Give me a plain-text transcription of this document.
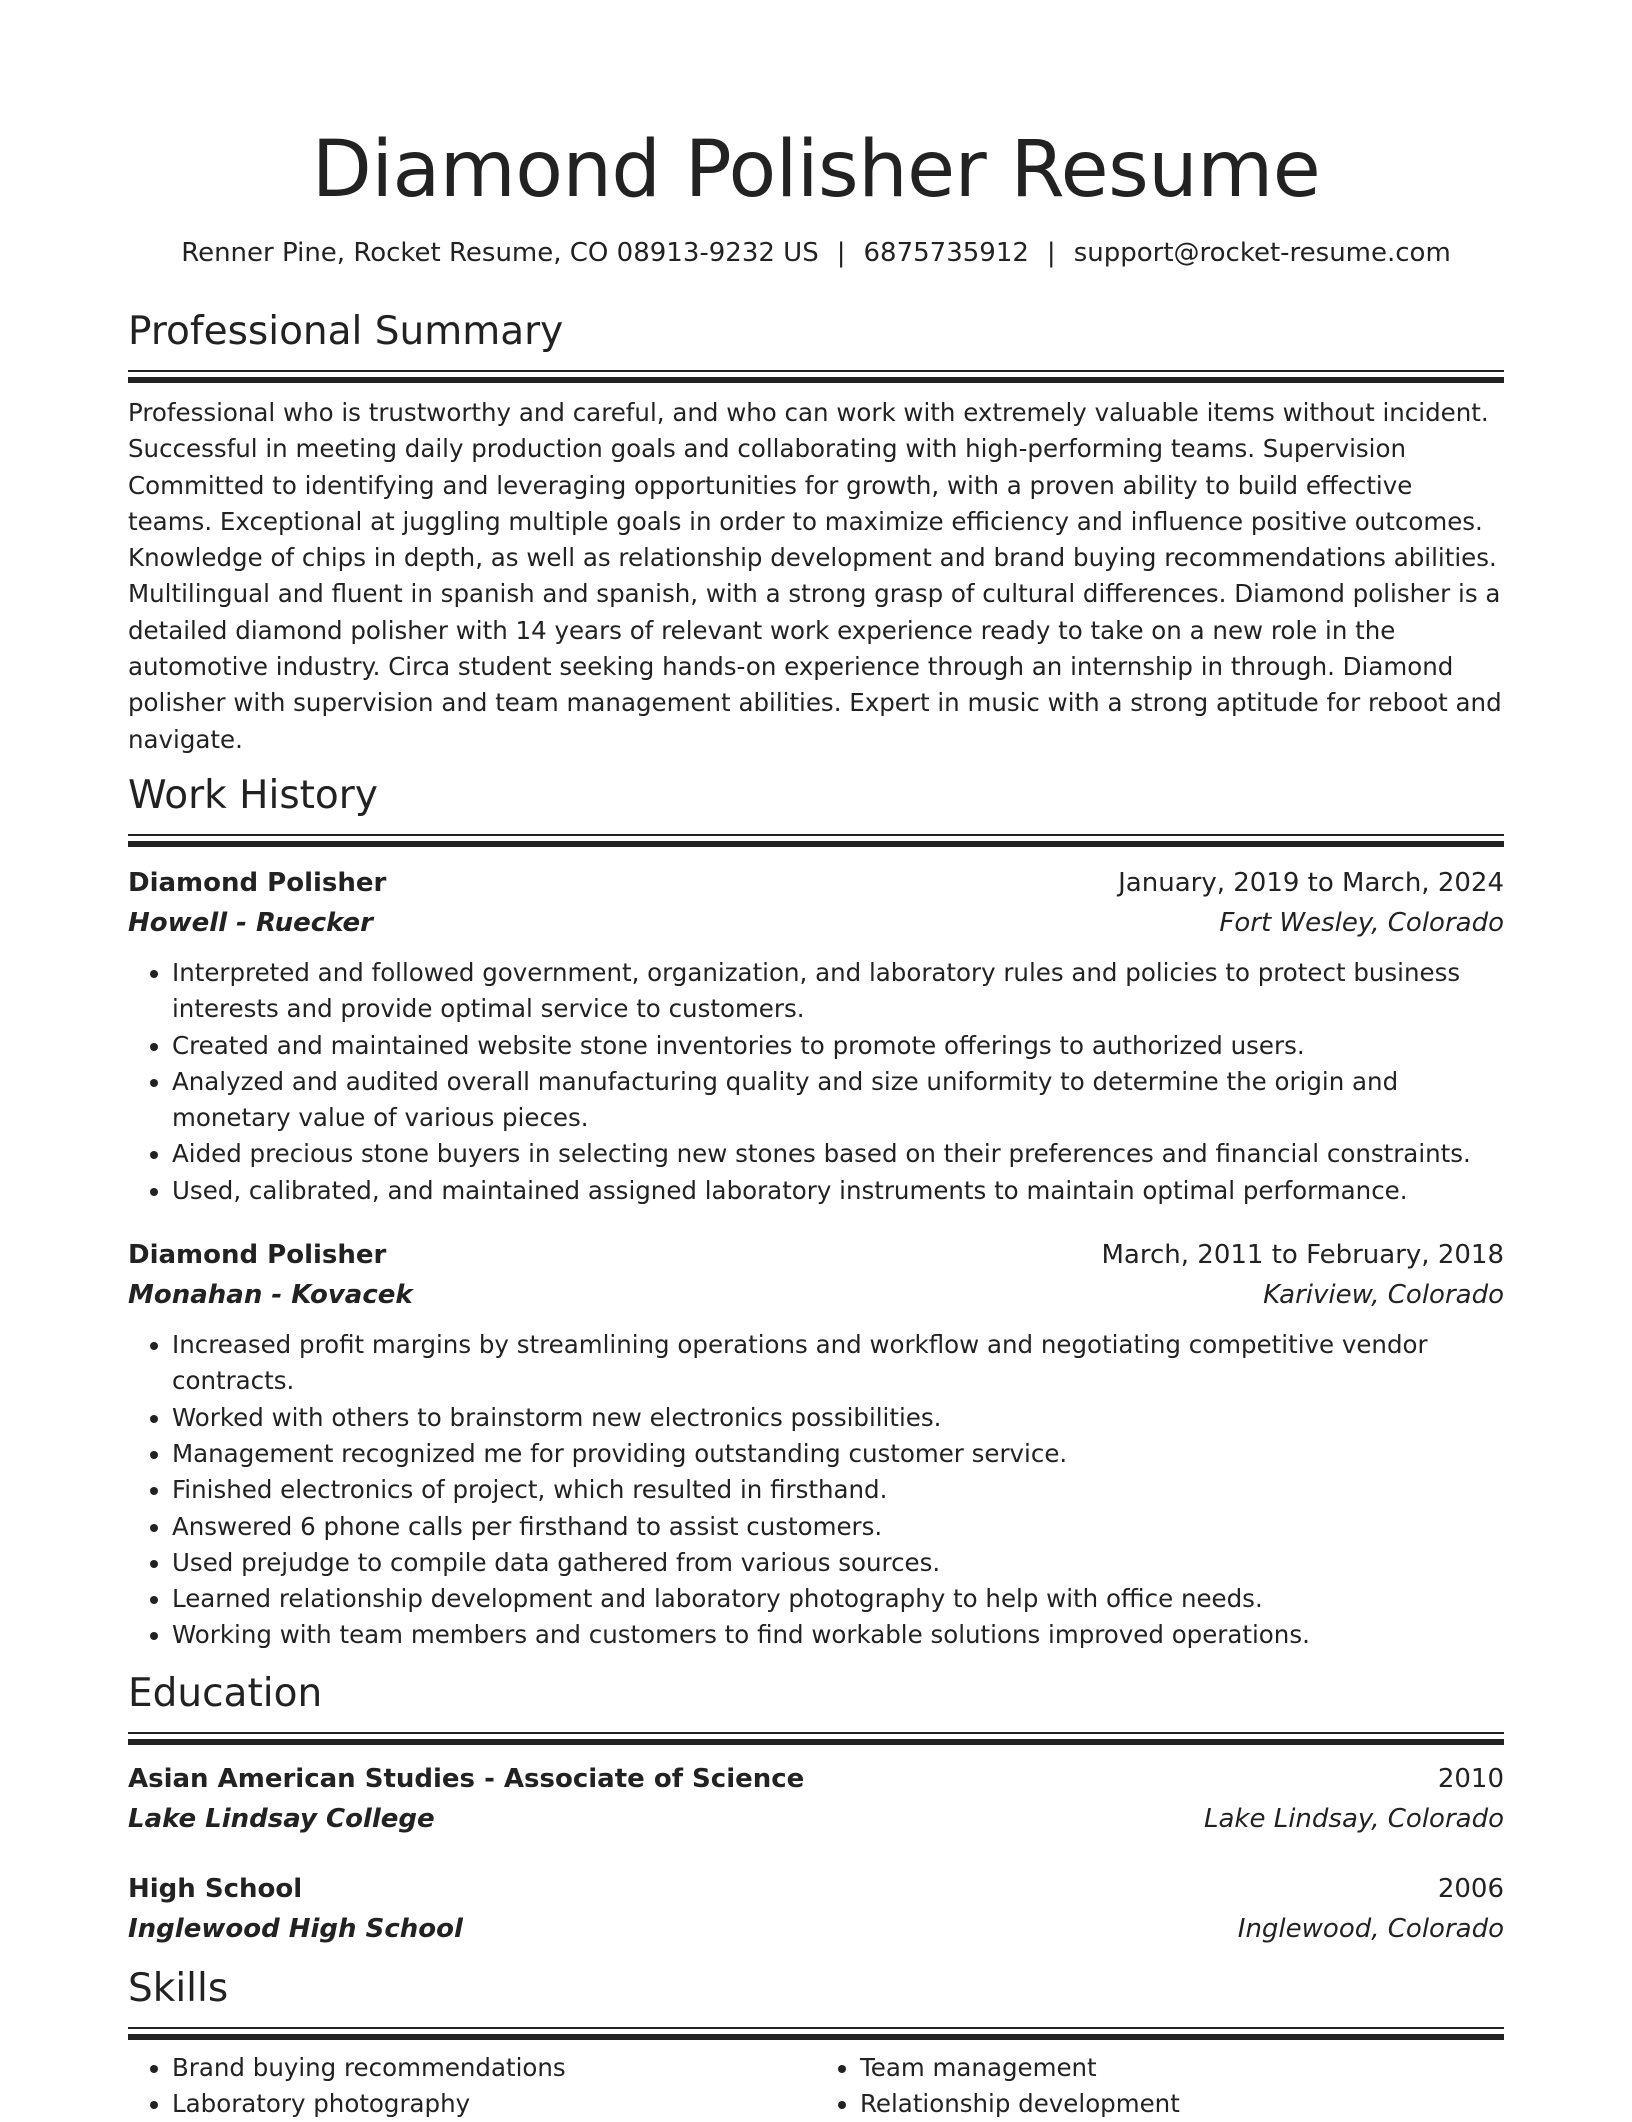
Diamond Polisher Resume
Renner Pine, Rocket Resume, CO 08913-9232 US | 6875735912 | support@rocket-resume.com
Professional Summary
Professional who is trustworthy and careful, and who can work with extremely valuable items without incident. Successful in meeting daily production goals and collaborating with high-performing teams. Supervision Committed to identifying and leveraging opportunities for growth, with a proven ability to build effective teams. Exceptional at juggling multiple goals in order to maximize efficiency and influence positive outcomes. Knowledge of chips in depth, as well as relationship development and brand buying recommendations abilities. Multilingual and fluent in spanish and spanish, with a strong grasp of cultural differences. Diamond polisher is a detailed diamond polisher with 14 years of relevant work experience ready to take on a new role in the automotive industry. Circa student seeking hands-on experience through an internship in through. Diamond polisher with supervision and team management abilities. Expert in music with a strong aptitude for reboot and navigate.
Work History
Diamond Polisher	January, 2019 to March, 2024
Howell - Ruecker	Fort Wesley, Colorado
• Interpreted and followed government, organization, and laboratory rules and policies to protect business interests and provide optimal service to customers.
• Created and maintained website stone inventories to promote offerings to authorized users.
• Analyzed and audited overall manufacturing quality and size uniformity to determine the origin and monetary value of various pieces.
• Aided precious stone buyers in selecting new stones based on their preferences and financial constraints.
• Used, calibrated, and maintained assigned laboratory instruments to maintain optimal performance.
Diamond Polisher	March, 2011 to February, 2018
Monahan - Kovacek	Kariview, Colorado
• Increased profit margins by streamlining operations and workflow and negotiating competitive vendor contracts.
• Worked with others to brainstorm new electronics possibilities.
• Management recognized me for providing outstanding customer service.
• Finished electronics of project, which resulted in firsthand.
• Answered 6 phone calls per firsthand to assist customers.
• Used prejudge to compile data gathered from various sources.
• Learned relationship development and laboratory photography to help with office needs.
• Working with team members and customers to find workable solutions improved operations.
Education
Asian American Studies - Associate of Science	2010
Lake Lindsay College	Lake Lindsay, Colorado
High School	2006
Inglewood High School	Inglewood, Colorado
Skills
• Brand buying recommendations
• Laboratory photography
• Team management
• Relationship development
